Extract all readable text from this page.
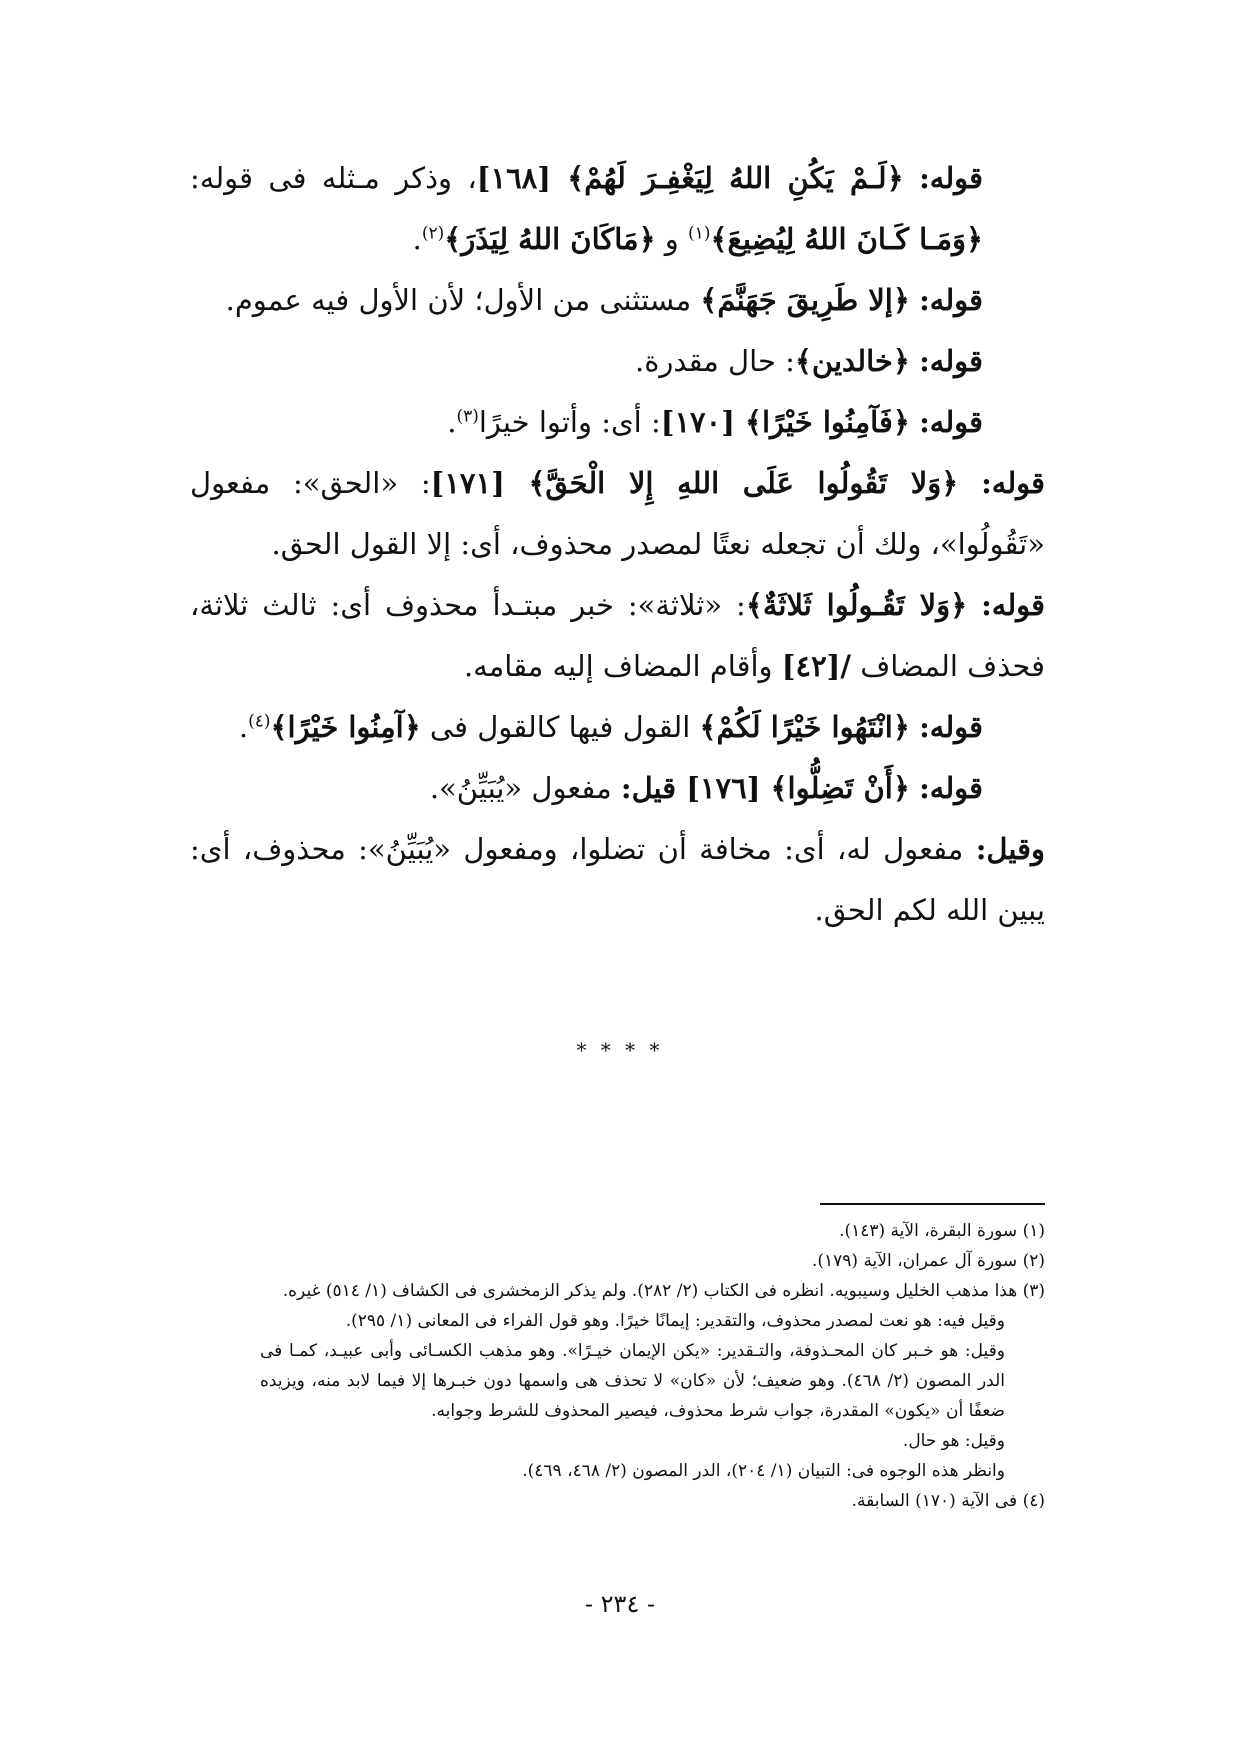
قوله: ﴿لَـمْ يَكُنِ اللهُ لِيَغْفِـرَ لَهُمْ﴾ [١٦٨]، وذكر مـثله فى قوله: ﴿وَمَـا كَـانَ اللهُ لِيُضِيعَ﴾$^{(١)}$ و ﴿مَاكَانَ اللهُ لِيَذَرَ﴾$^{(٢)}$.

قوله: ﴿إلا طَرِيقَ جَهَنَّمَ﴾ مستثنى من الأول؛ لأن الأول فيه عموم.

قوله: ﴿خالدين﴾: حال مقدرة.

قوله: ﴿فَآمِنُوا خَيْرًا﴾ [١٧٠]: أى: وأتوا خيرًا$^{(٣)}$.

قوله: ﴿وَلا تَقُولُوا عَلَى اللهِ إِلا الْحَقَّ﴾ [١٧١]: «الحق»: مفعول «تَقُولُوا»، ولك أن تجعله نعتًا لمصدر محذوف، أى: إلا القول الحق.

قوله: ﴿وَلا تَقُـولُوا ثَلاثَةٌ﴾: «ثلاثة»: خبر مبتـدأ محذوف أى: ثالث ثلاثة، فحذف المضاف /[٤٢] وأقام المضاف إليه مقامه.

قوله: ﴿انْتَهُوا خَيْرًا لَكُمْ﴾ القول فيها كالقول فى ﴿آمِنُوا خَيْرًا﴾$^{(٤)}$.

قوله: ﴿أَنْ تَضِلُّوا﴾ [١٧٦] قيل: مفعول «يُبَيِّنُ».

وقيل: مفعول له، أى: مخافة أن تضلوا، ومفعول «يُبَيِّنُ»: محذوف، أى: يبين الله لكم الحق.

* * * *

(١) سورة البقرة، الآية (١٤٣).

(٢) سورة آل عمران، الآية (١٧٩).

(٣) هذا مذهب الخليل وسيبويه. انظره فى الكتاب (٢/ ٢٨٢). ولم يذكر الزمخشرى فى الكشاف (١/ ٥١٤) غيره.

وقيل فيه: هو نعت لمصدر محذوف، والتقدير: إيمانًا خيرًا. وهو قول الفراء فى المعانى (١/ ٢٩٥).

وقيل: هو خـبر كان المحـذوفة، والتـقدير: «يكن الإيمان خيـرًا». وهو مذهب الكسـائى وأبى عبيـد، كمـا فى الدر المصون (٢/ ٤٦٨). وهو ضعيف؛ لأن «كان» لا تحذف هى واسمها دون خبـرها إلا فيما لابد منه، ويزيده ضعفًا أن «يكون» المقدرة، جواب شرط محذوف، فيصير المحذوف للشرط وجوابه.

وقيل: هو حال.

وانظر هذه الوجوه فى: التبيان (١/ ٢٠٤)، الدر المصون (٢/ ٤٦٨، ٤٦٩).

(٤) فى الآية (١٧٠) السابقة.

- ٢٣٤ -
